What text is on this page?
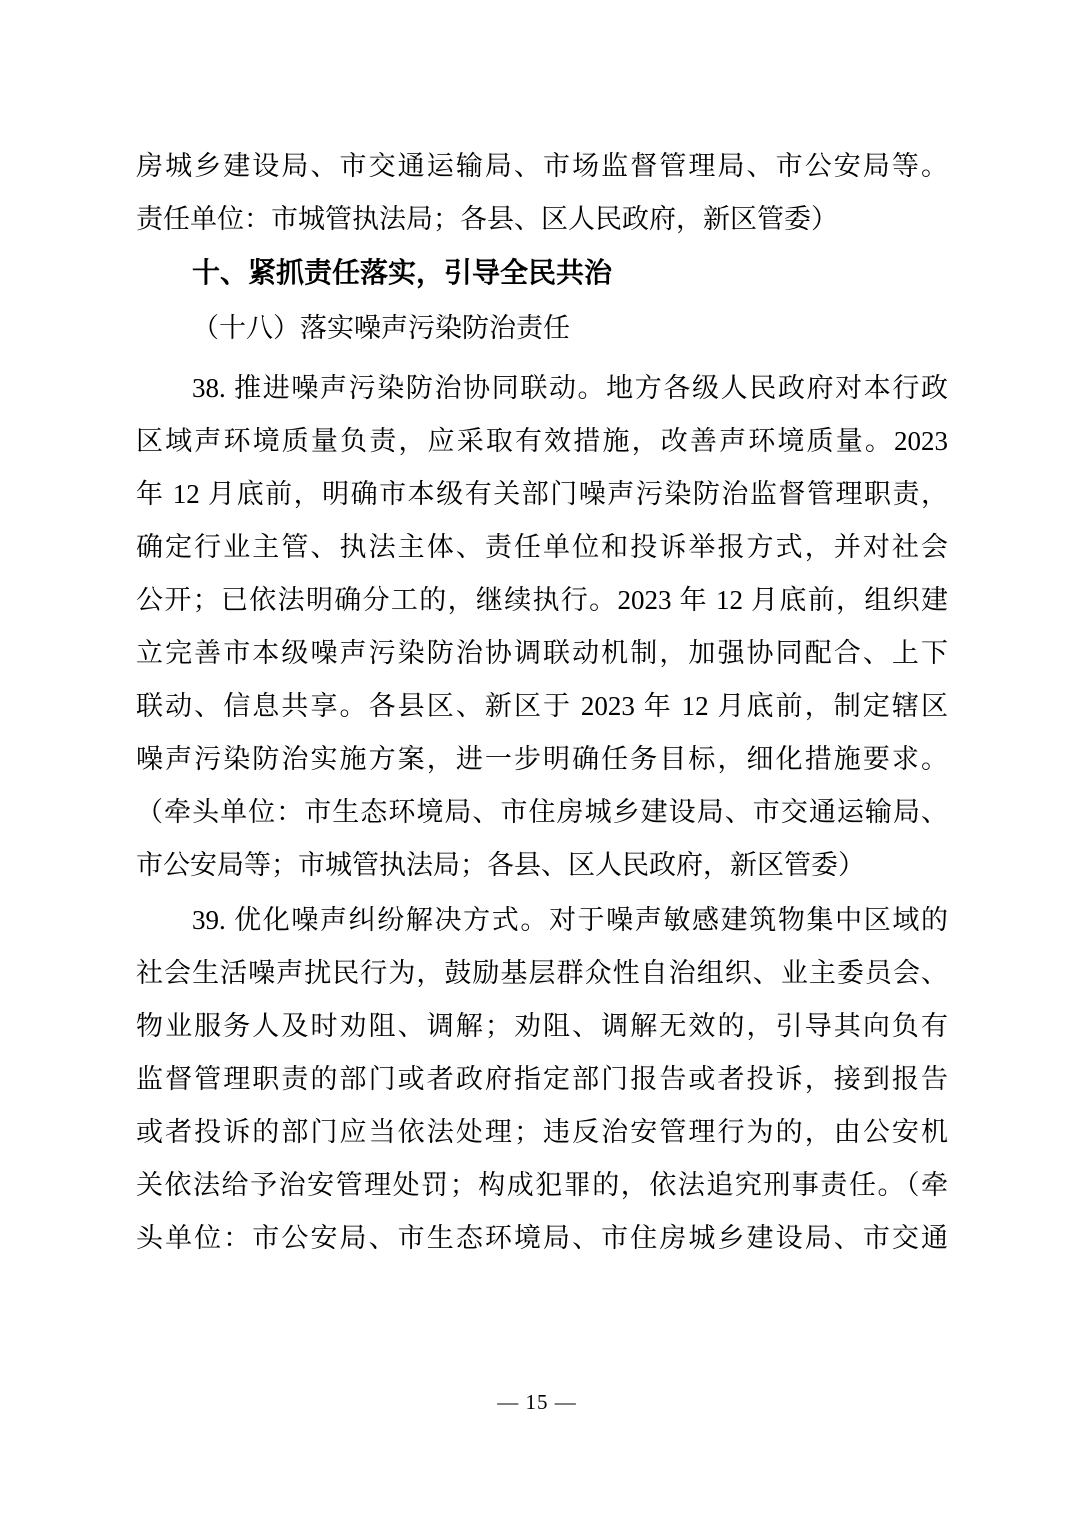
房城乡建设局、市交通运输局、市场监督管理局、市公安局等。
责任单位：市城管执法局；各县、区人民政府，新区管委）
十、紧抓责任落实，引导全民共治
（十八）落实噪声污染防治责任
38. 推进噪声污染防治协同联动。地方各级人民政府对本行政
区域声环境质量负责，应采取有效措施，改善声环境质量。2023
年 12 月底前，明确市本级有关部门噪声污染防治监督管理职责，
确定行业主管、执法主体、责任单位和投诉举报方式，并对社会
公开；已依法明确分工的，继续执行。2023 年 12 月底前，组织建
立完善市本级噪声污染防治协调联动机制，加强协同配合、上下
联动、信息共享。各县区、新区于 2023 年 12 月底前，制定辖区
噪声污染防治实施方案，进一步明确任务目标，细化措施要求。
（牵头单位：市生态环境局、市住房城乡建设局、市交通运输局、
市公安局等；市城管执法局；各县、区人民政府，新区管委）
39. 优化噪声纠纷解决方式。对于噪声敏感建筑物集中区域的
社会生活噪声扰民行为，鼓励基层群众性自治组织、业主委员会、
物业服务人及时劝阻、调解；劝阻、调解无效的，引导其向负有
监督管理职责的部门或者政府指定部门报告或者投诉，接到报告
或者投诉的部门应当依法处理；违反治安管理行为的，由公安机
关依法给予治安管理处罚；构成犯罪的，依法追究刑事责任。（牵
头单位：市公安局、市生态环境局、市住房城乡建设局、市交通
— 15 —
